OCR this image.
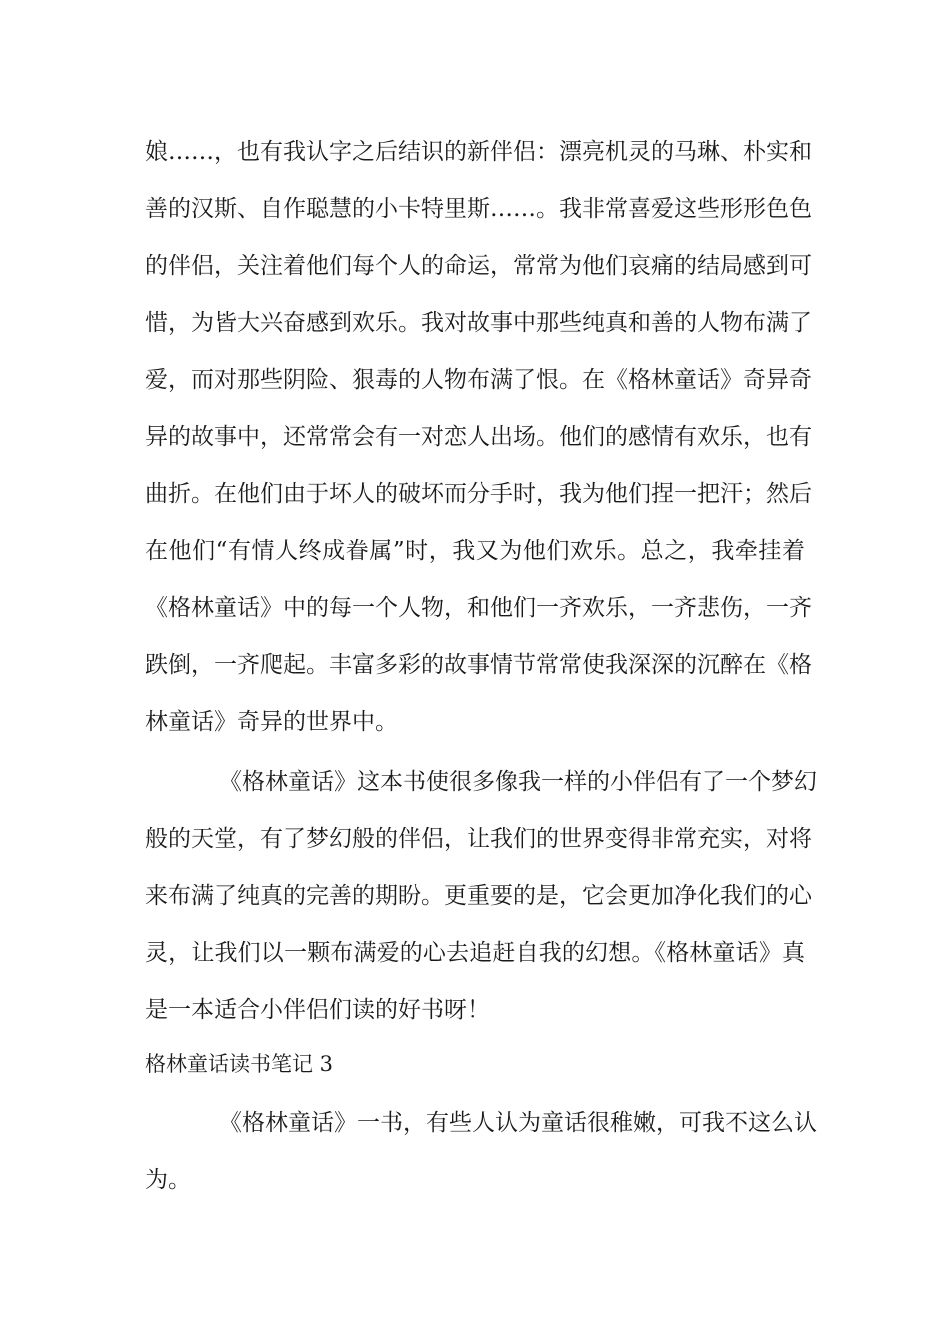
娘……，也有我认字之后结识的新伴侣：漂亮机灵的马琳、朴实和
善的汉斯、自作聪慧的小卡特里斯……。我非常喜爱这些形形色色
的伴侣，关注着他们每个人的命运，常常为他们哀痛的结局感到可
惜，为皆大兴奋感到欢乐。我对故事中那些纯真和善的人物布满了
爱，而对那些阴险、狠毒的人物布满了恨。在《格林童话》奇异奇
异的故事中，还常常会有一对恋人出场。他们的感情有欢乐，也有
曲折。在他们由于坏人的破坏而分手时，我为他们捏一把汗；然后
在他们“有情人终成眷属”时，我又为他们欢乐。总之，我牵挂着
《格林童话》中的每一个人物，和他们一齐欢乐，一齐悲伤，一齐
跌倒，一齐爬起。丰富多彩的故事情节常常使我深深的沉醉在《格
林童话》奇异的世界中。
《格林童话》这本书使很多像我一样的小伴侣有了一个梦幻
般的天堂，有了梦幻般的伴侣，让我们的世界变得非常充实，对将
来布满了纯真的完善的期盼。更重要的是，它会更加净化我们的心
灵，让我们以一颗布满爱的心去追赶自我的幻想。《格林童话》真
是一本适合小伴侣们读的好书呀！
格林童话读书笔记 3
《格林童话》一书，有些人认为童话很稚嫩，可我不这么认
为。
